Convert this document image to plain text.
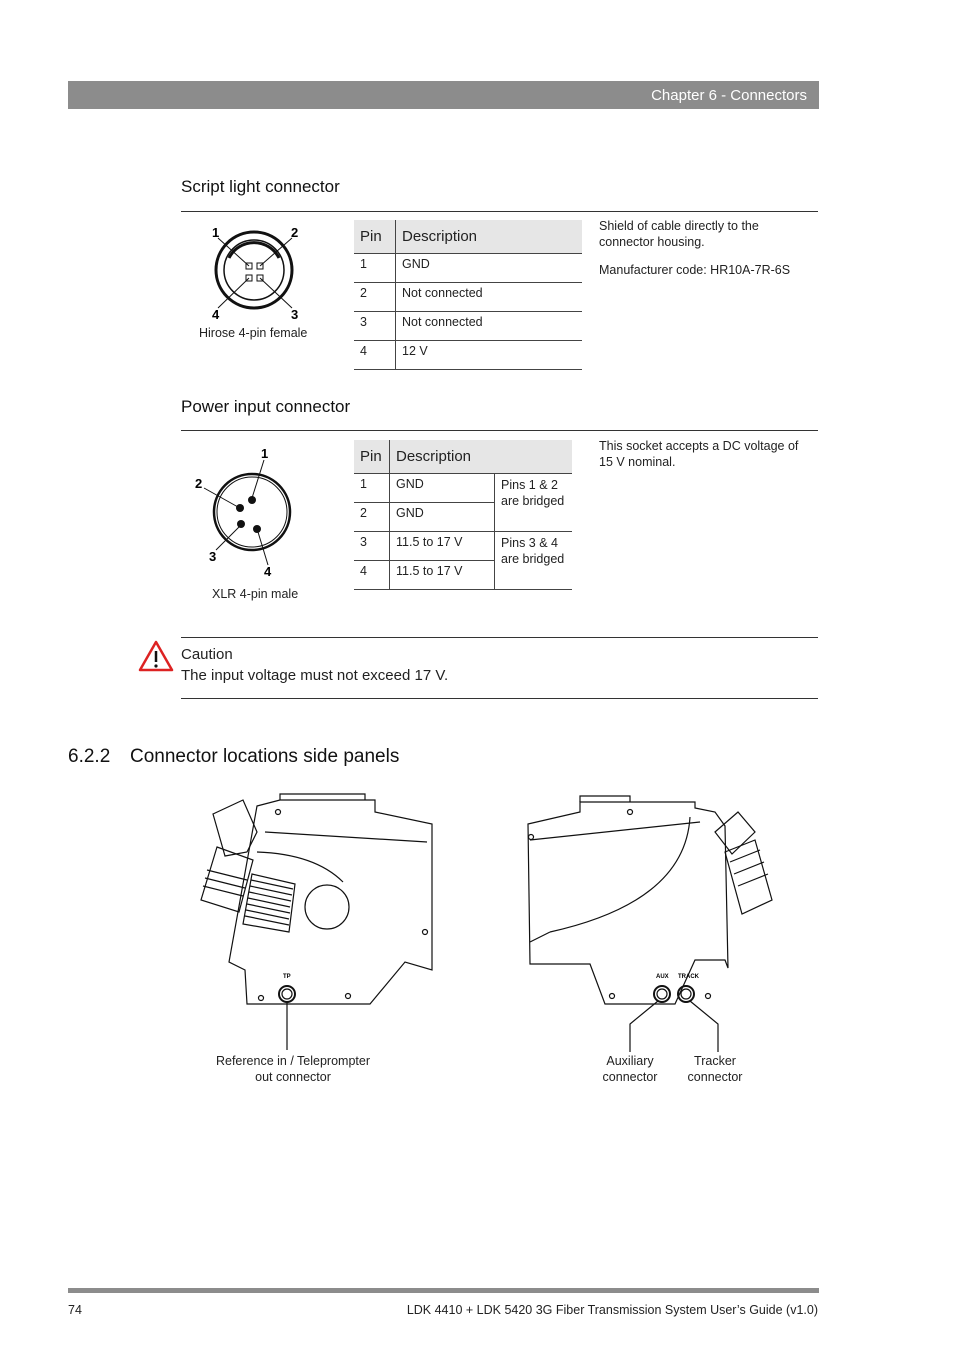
Chapter 6 - Connectors
Script light connector
1	2
4	3
Hirose 4-pin female
Pin	Description
1	GND
2	Not connected
3	Not connected
4	12 V
Shield of cable directly to the connector housing.
Manufacturer code: HR10A-7R-6S
Power input connector
1
2
3
4
XLR 4-pin male
Pin	Description	
1	GND	Pins 1 & 2 are bridged
2	GND	
3	11.5 to 17 V	Pins 3 & 4 are bridged
4	11.5 to 17 V	
This socket accepts a DC voltage of 15 V nominal.
Caution
The input voltage must not exceed 17 V.
6.2.2 Connector locations side panels
TP	AUX TRACK
Reference in / Teleprompter out connector
Auxiliary connector
Tracker connector
74	LDK 4410 + LDK 5420 3G Fiber Transmission System User’s Guide (v1.0)
